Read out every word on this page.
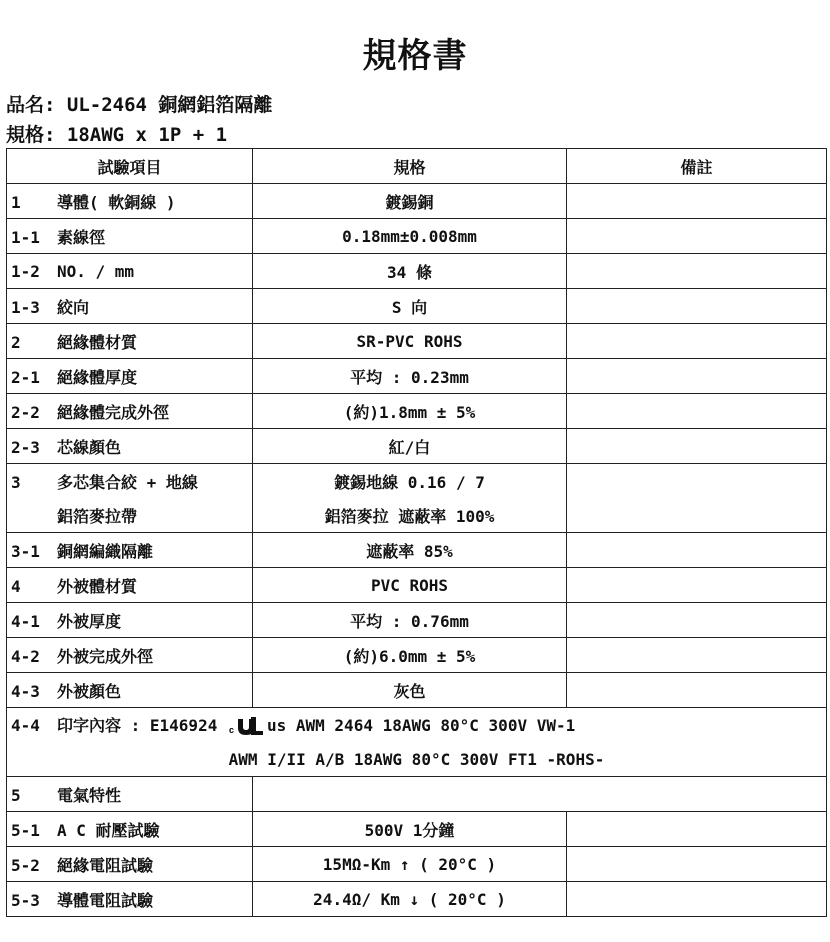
規格書
品名: UL-2464 銅網鋁箔隔離
規格: 18AWG x 1P + 1
試驗項目	規格	備註
1 導體( 軟銅線 )	鍍錫銅	
1-1 素線徑	0.18mm±0.008mm	
1-2 NO. / mm	34 條	
1-3 絞向	S 向	
2 絕緣體材質	SR-PVC ROHS	
2-1 絕緣體厚度	平均 : 0.23mm	
2-2 絕緣體完成外徑	(約)1.8mm ± 5%	
2-3 芯線顏色	紅/白	
3 多芯集合絞 + 地線	鍍錫地線 0.16 / 7	
鋁箔麥拉帶	鋁箔麥拉 遮蔽率 100%	
3-1 銅網編織隔離	遮蔽率 85%	
4 外被體材質	PVC ROHS	
4-1 外被厚度	平均 : 0.76mm	
4-2 外被完成外徑	(約)6.0mm ± 5%	
4-3 外被顏色	灰色	
4-4 印字內容 : E146924 c us AWM 2464 18AWG 80°C 300V VW-1		
AWM I/II A/B 18AWG 80°C 300V FT1 -ROHS-		
5 電氣特性		
5-1 A C 耐壓試驗	500V 1分鐘	
5-2 絕緣電阻試驗	15MΩ-Km ↑ ( 20°C )	
5-3 導體電阻試驗	24.4Ω/ Km ↓ ( 20°C )	
